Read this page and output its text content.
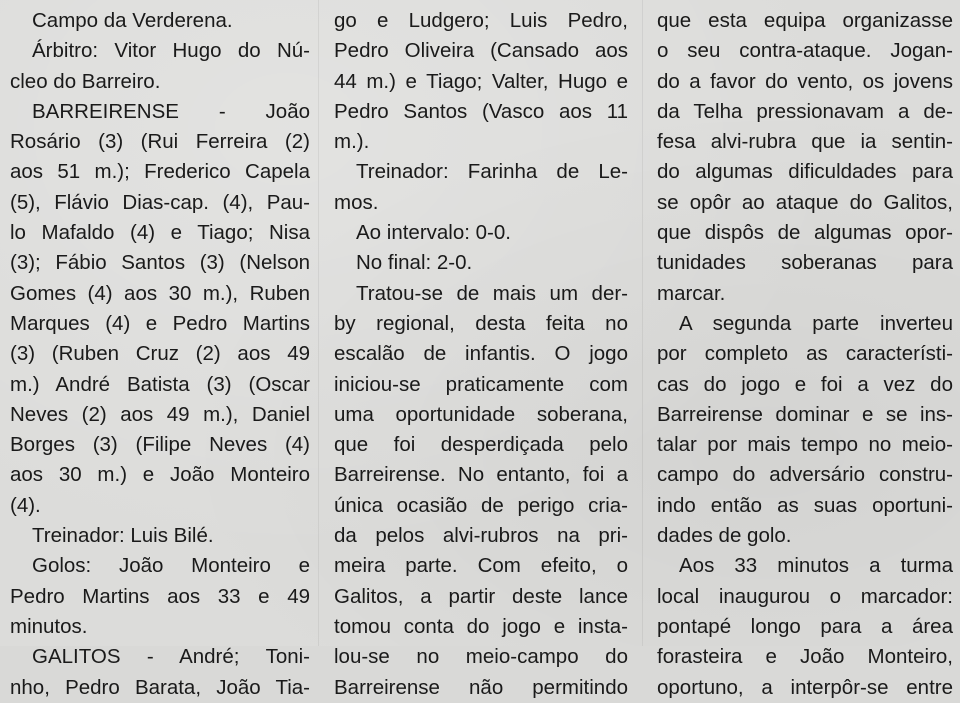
Campo da Verderena.
Árbitro: Vitor Hugo do Nú-
cleo do Barreiro.
BARREIRENSE - João
Rosário (3) (Rui Ferreira (2)
aos 51 m.); Frederico Capela
(5), Flávio Dias-cap. (4), Pau-
lo Mafaldo (4) e Tiago; Nisa
(3); Fábio Santos (3) (Nelson
Gomes (4) aos 30 m.), Ruben
Marques (4) e Pedro Martins
(3) (Ruben Cruz (2) aos 49
m.) André Batista (3) (Oscar
Neves (2) aos 49 m.), Daniel
Borges (3) (Filipe Neves (4)
aos 30 m.) e João Monteiro
(4).
Treinador: Luis Bilé.
Golos: João Monteiro e
Pedro Martins aos 33 e 49
minutos.
GALITOS - André; Toni-
nho, Pedro Barata, João Tia-
go e Ludgero; Luis Pedro,
Pedro Oliveira (Cansado aos
44 m.) e Tiago; Valter, Hugo e
Pedro Santos (Vasco aos 11
m.).
Treinador: Farinha de Le-
mos.
Ao intervalo: 0-0.
No final: 2-0.
Tratou-se de mais um der-
by regional, desta feita no
escalão de infantis. O jogo
iniciou-se praticamente com
uma oportunidade soberana,
que foi desperdiçada pelo
Barreirense. No entanto, foi a
única ocasião de perigo cria-
da pelos alvi-rubros na pri-
meira parte. Com efeito, o
Galitos, a partir deste lance
tomou conta do jogo e insta-
lou-se no meio-campo do
Barreirense não permitindo
que esta equipa organizasse
o seu contra-ataque. Jogan-
do a favor do vento, os jovens
da Telha pressionavam a de-
fesa alvi-rubra que ia sentin-
do algumas dificuldades para
se opôr ao ataque do Galitos,
que dispôs de algumas opor-
tunidades soberanas para
marcar.
A segunda parte inverteu
por completo as característi-
cas do jogo e foi a vez do
Barreirense dominar e se ins-
talar por mais tempo no meio-
campo do adversário constru-
indo então as suas oportuni-
dades de golo.
Aos 33 minutos a turma
local inaugurou o marcador:
pontapé longo para a área
forasteira e João Monteiro,
oportuno, a interpôr-se entre
